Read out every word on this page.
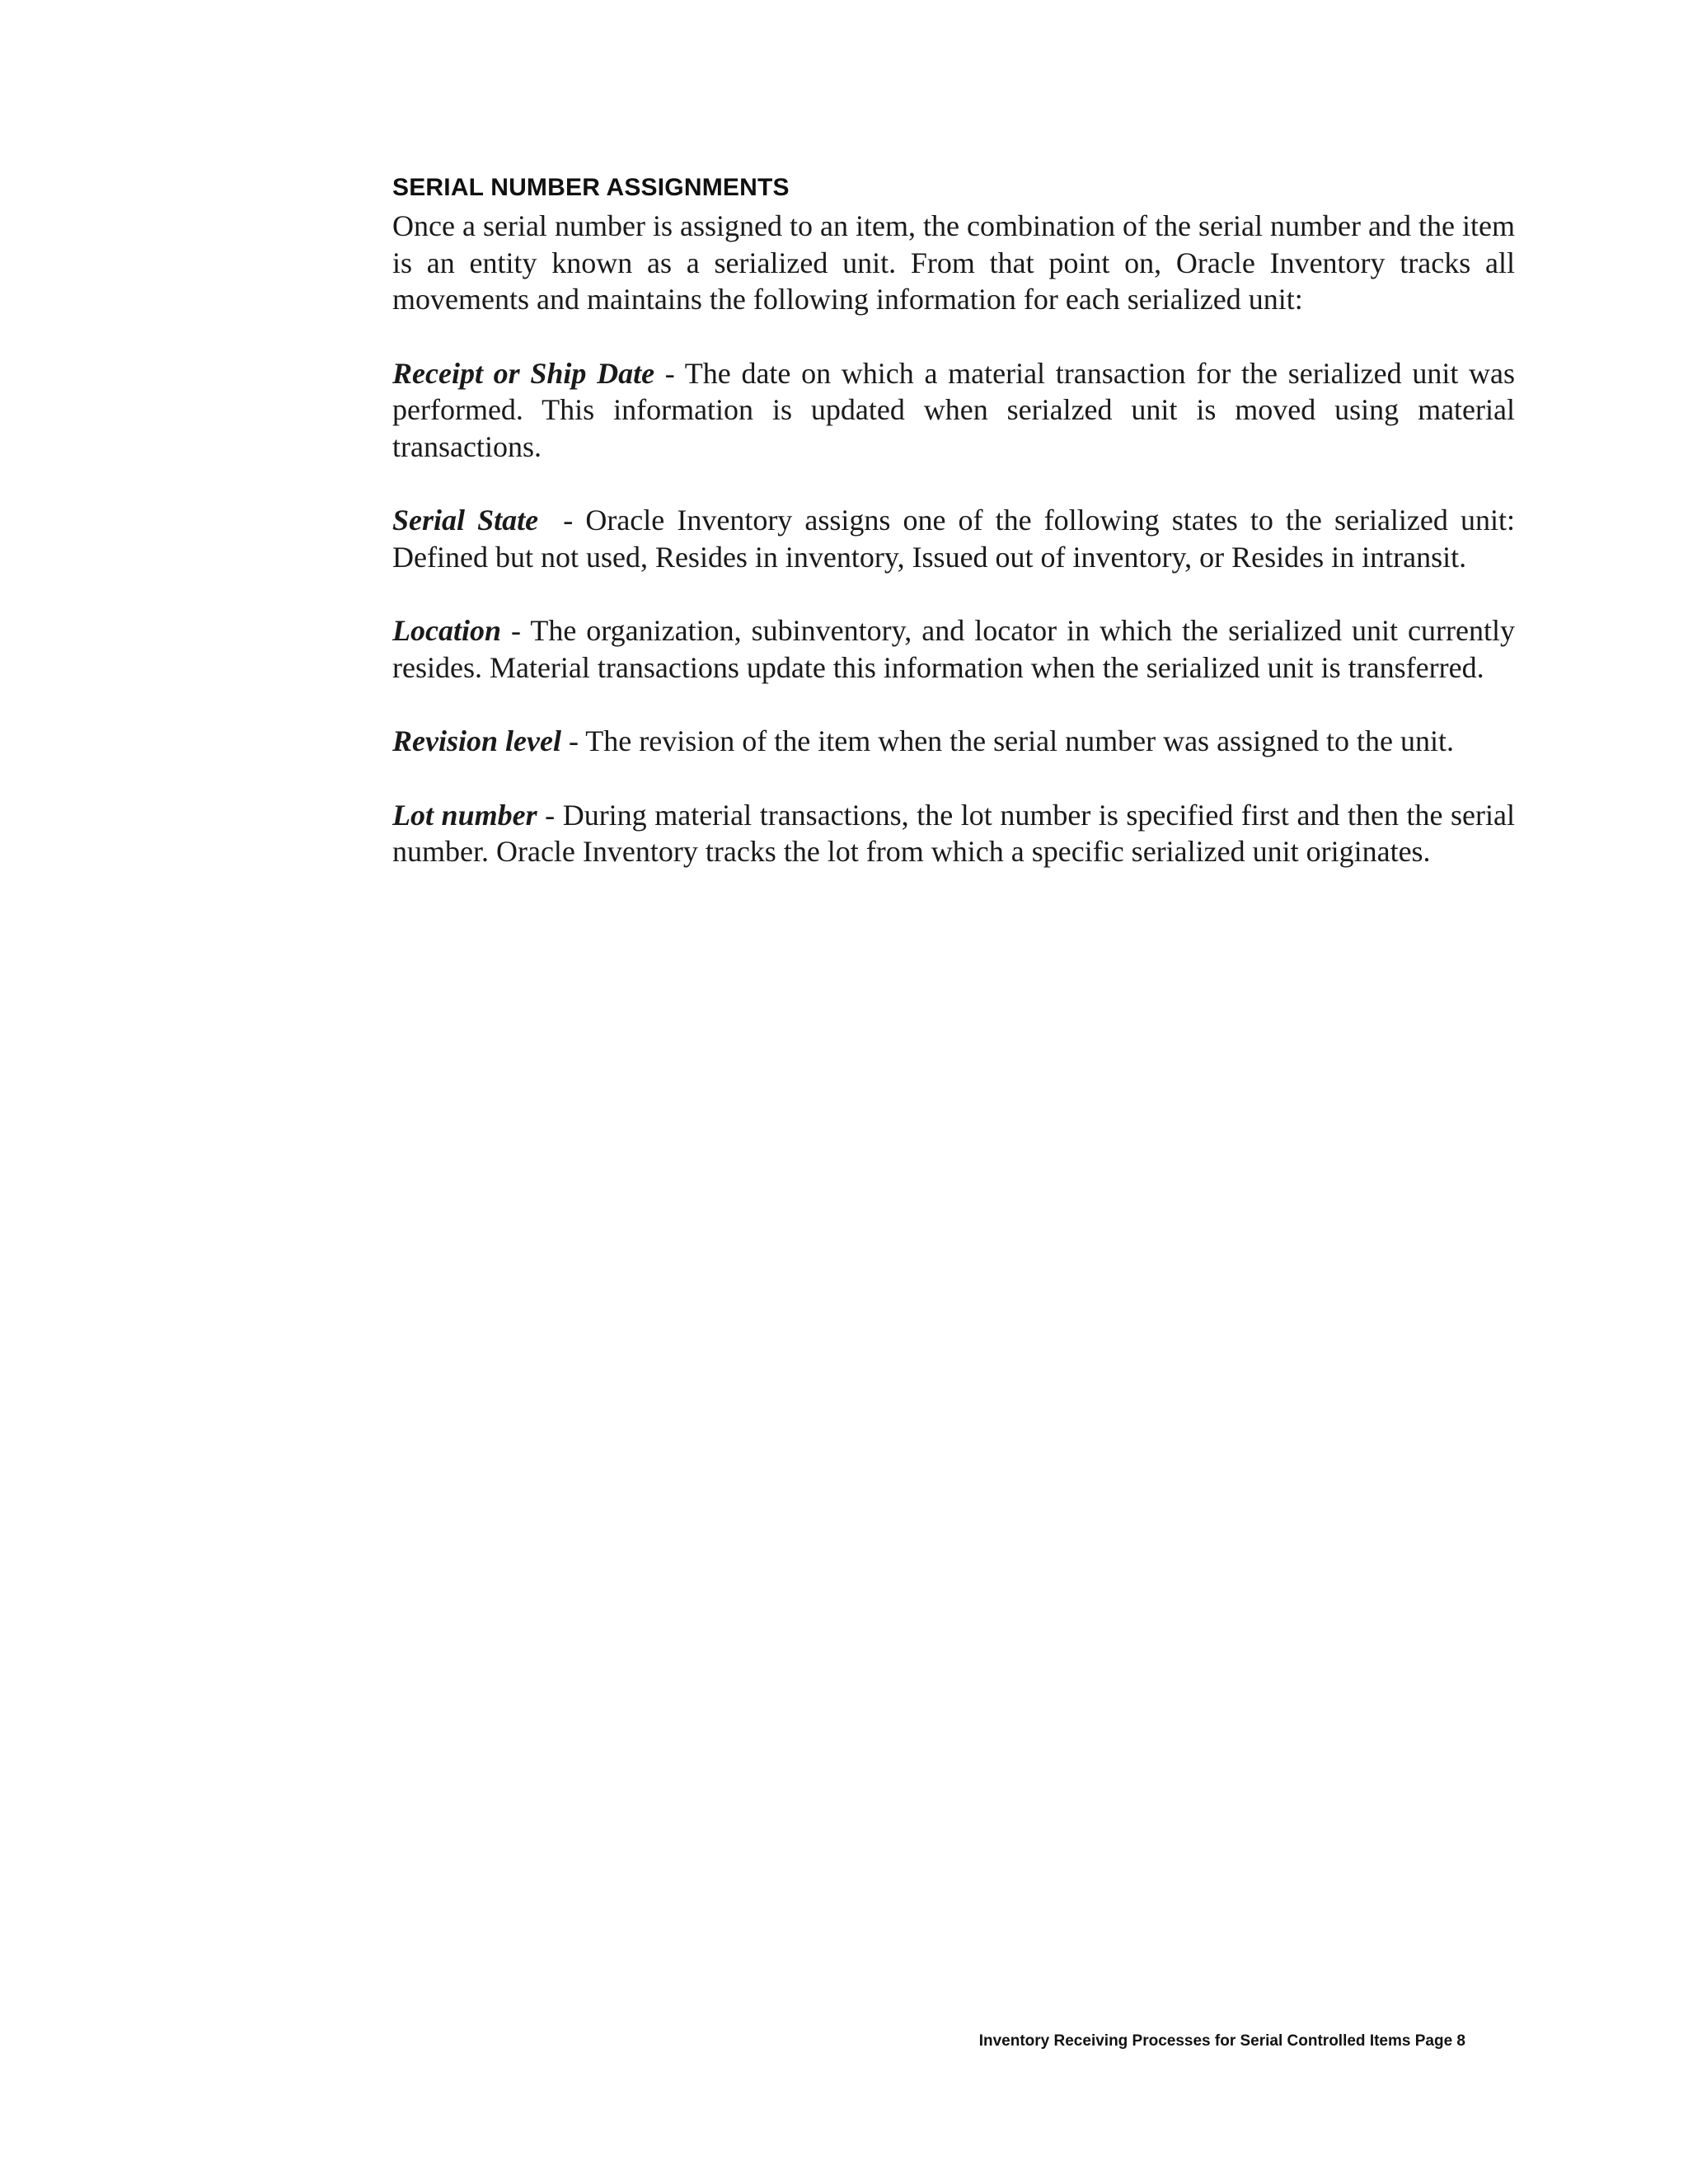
SERIAL NUMBER ASSIGNMENTS

Once a serial number is assigned to an item, the combination of the serial number and the item is an entity known as a serialized unit. From that point on, Oracle Inventory tracks all movements and maintains the following information for each serialized unit:

Receipt or Ship Date - The date on which a material transaction for the serialized unit was performed. This information is updated when serialzed unit is moved using material transactions.

Serial State  - Oracle Inventory assigns one of the following states to the serialized unit: Defined but not used, Resides in inventory, Issued out of inventory, or Resides in intransit.

Location - The organization, subinventory, and locator in which the serialized unit currently resides. Material transactions update this information when the serialized unit is transferred.

Revision level - The revision of the item when the serial number was assigned to the unit.

Lot number - During material transactions, the lot number is specified first and then the serial number. Oracle Inventory tracks the lot from which a specific serialized unit originates.

Inventory Receiving Processes for Serial Controlled Items Page 8
